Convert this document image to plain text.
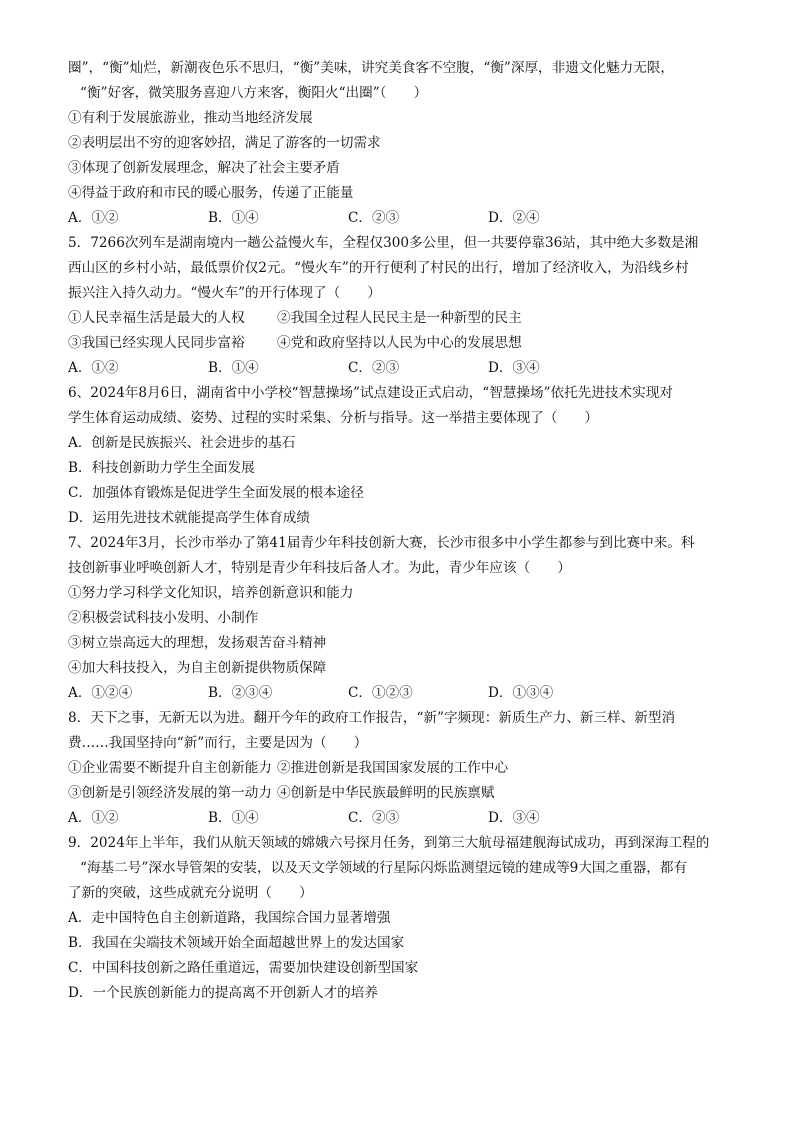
圈”，“衡”灿烂，新潮夜色乐不思归，“衡”美味，讲究美食客不空腹，“衡”深厚，非遗文化魅力无限，
“衡”好客，微笑服务喜迎八方来客，衡阳火“出圈”（　　）
①有利于发展旅游业，推动当地经济发展
②表明层出不穷的迎客妙招，满足了游客的一切需求
③体现了创新发展理念，解决了社会主要矛盾
④得益于政府和市民的暖心服务，传递了正能量
A．①②	B．①④	C．②③	D．②④
5．7266次列车是湖南境内一趟公益慢火车，全程仅300多公里，但一共要停靠36站，其中绝大多数是湘
西山区的乡村小站，最低票价仅2元。“慢火车”的开行便利了村民的出行，增加了经济收入，为沿线乡村
振兴注入持久动力。“慢火车”的开行体现了（　　）
①人民幸福生活是最大的人权	②我国全过程人民民主是一种新型的民主
③我国已经实现人民同步富裕	④党和政府坚持以人民为中心的发展思想
A．①②	B．①④	C．②③	D．③④
6、2024年8月6日，湖南省中小学校“智慧操场”试点建设正式启动，“智慧操场”依托先进技术实现对
学生体育运动成绩、姿势、过程的实时采集、分析与指导。这一举措主要体现了（　　）
A．创新是民族振兴、社会进步的基石
B．科技创新助力学生全面发展
C．加强体育锻炼是促进学生全面发展的根本途径
D．运用先进技术就能提高学生体育成绩
7、2024年3月，长沙市举办了第41届青少年科技创新大赛，长沙市很多中小学生都参与到比赛中来。科
技创新事业呼唤创新人才，特别是青少年科技后备人才。为此，青少年应该（　　）
①努力学习科学文化知识，培养创新意识和能力
②积极尝试科技小发明、小制作
③树立崇高远大的理想，发扬艰苦奋斗精神
④加大科技投入，为自主创新提供物质保障
A．①②④	B．②③④	C．①②③	D．①③④
8．天下之事，无新无以为进。翻开今年的政府工作报告，“新”字频现：新质生产力、新三样、新型消
费……我国坚持向“新”而行，主要是因为（　　）
①企业需要不断提升自主创新能力 ②推进创新是我国国家发展的工作中心
③创新是引领经济发展的第一动力 ④创新是中华民族最鲜明的民族禀赋
A．①②	B．①④	C．②③	D．③④
9．2024年上半年，我们从航天领域的嫦娥六号探月任务，到第三大航母福建舰海试成功，再到深海工程的
“海基二号”深水导管架的安装，以及天文学领域的行星际闪烁监测望远镜的建成等9大国之重器，都有
了新的突破，这些成就充分说明（　　）
A．走中国特色自主创新道路，我国综合国力显著增强
B．我国在尖端技术领域开始全面超越世界上的发达国家
C．中国科技创新之路任重道远，需要加快建设创新型国家
D．一个民族创新能力的提高离不开创新人才的培养
